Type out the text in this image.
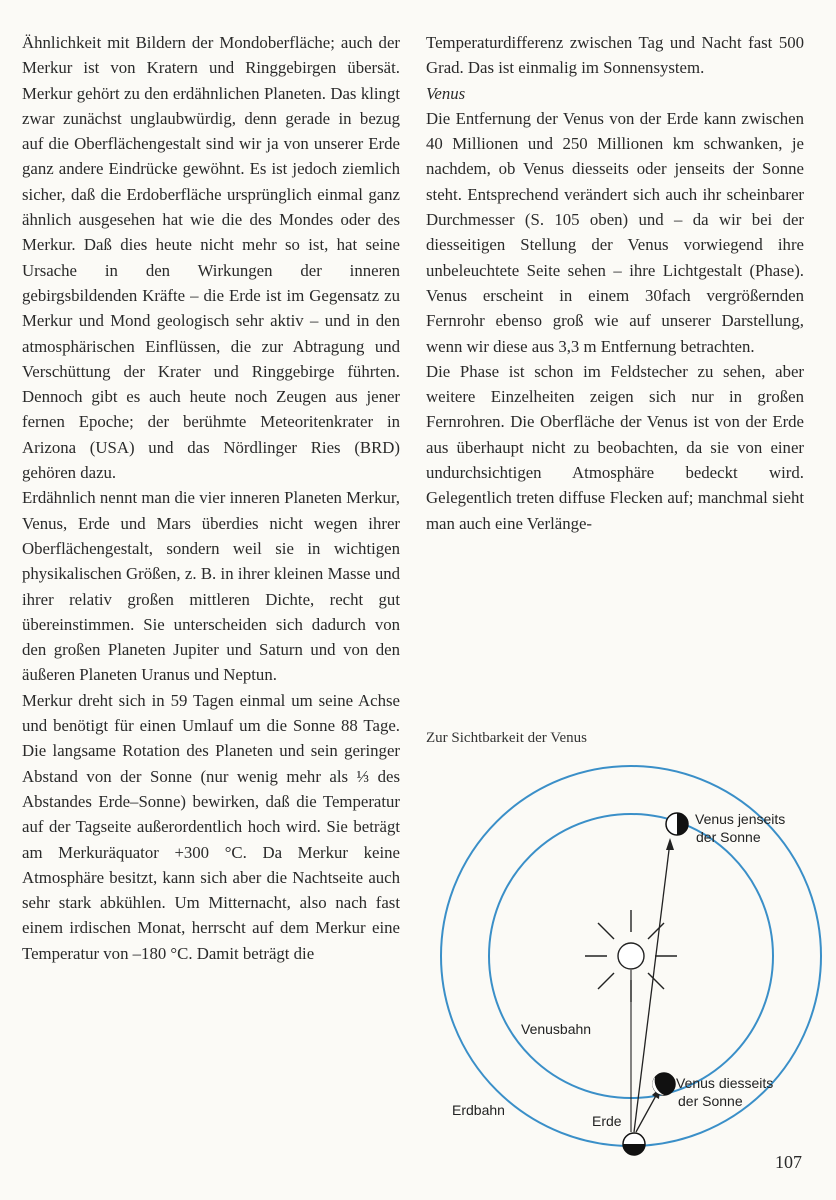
Ähnlichkeit mit Bildern der Mondoberfläche; auch der Merkur ist von Kratern und Ringgebirgen übersät. Merkur gehört zu den erdähnlichen Planeten. Das klingt zwar zunächst unglaubwürdig, denn gerade in bezug auf die Oberflächengestalt sind wir ja von unserer Erde ganz andere Eindrücke gewöhnt. Es ist jedoch ziemlich sicher, daß die Erdoberfläche ursprünglich einmal ganz ähnlich ausgesehen hat wie die des Mondes oder des Merkur. Daß dies heute nicht mehr so ist, hat seine Ursache in den Wirkungen der inneren gebirgsbildenden Kräfte – die Erde ist im Gegensatz zu Merkur und Mond geologisch sehr aktiv – und in den atmosphärischen Einflüssen, die zur Abtragung und Verschüttung der Krater und Ringgebirge führten. Dennoch gibt es auch heute noch Zeugen aus jener fernen Epoche; der berühmte Meteoritenkrater in Arizona (USA) und das Nördlinger Ries (BRD) gehören dazu.

Erdähnlich nennt man die vier inneren Planeten Merkur, Venus, Erde und Mars überdies nicht wegen ihrer Oberflächengestalt, sondern weil sie in wichtigen physikalischen Größen, z. B. in ihrer kleinen Masse und ihrer relativ großen mittleren Dichte, recht gut übereinstimmen. Sie unterscheiden sich dadurch von den großen Planeten Jupiter und Saturn und von den äußeren Planeten Uranus und Neptun.

Merkur dreht sich in 59 Tagen einmal um seine Achse und benötigt für einen Umlauf um die Sonne 88 Tage. Die langsame Rotation des Planeten und sein geringer Abstand von der Sonne (nur wenig mehr als ⅓ des Abstandes Erde–Sonne) bewirken, daß die Temperatur auf der Tagseite außerordentlich hoch wird. Sie beträgt am Merkuräquator +300 °C. Da Merkur keine Atmosphäre besitzt, kann sich aber die Nachtseite auch sehr stark abkühlen. Um Mitternacht, also nach fast einem irdischen Monat, herrscht auf dem Merkur eine Temperatur von –180 °C. Damit beträgt die

Temperaturdifferenz zwischen Tag und Nacht fast 500 Grad. Das ist einmalig im Sonnensystem.

Venus

Die Entfernung der Venus von der Erde kann zwischen 40 Millionen und 250 Millionen km schwanken, je nachdem, ob Venus diesseits oder jenseits der Sonne steht. Entsprechend verändert sich auch ihr scheinbarer Durchmesser (S. 105 oben) und – da wir bei der diesseitigen Stellung der Venus vorwiegend ihre unbeleuchtete Seite sehen – ihre Lichtgestalt (Phase). Venus erscheint in einem 30fach vergrößernden Fernrohr ebenso groß wie auf unserer Darstellung, wenn wir diese aus 3,3 m Entfernung betrachten.

Die Phase ist schon im Feldstecher zu sehen, aber weitere Einzelheiten zeigen sich nur in großen Fernrohren. Die Oberfläche der Venus ist von der Erde aus überhaupt nicht zu beobachten, da sie von einer undurchsichtigen Atmosphäre bedeckt wird. Gelegentlich treten diffuse Flecken auf; manchmal sieht man auch eine Verlänge-

Zur Sichtbarkeit der Venus
Venus jenseits
der Sonne
Venusbahn
Venus diesseits
der Sonne
Erdbahn
Erde
107
